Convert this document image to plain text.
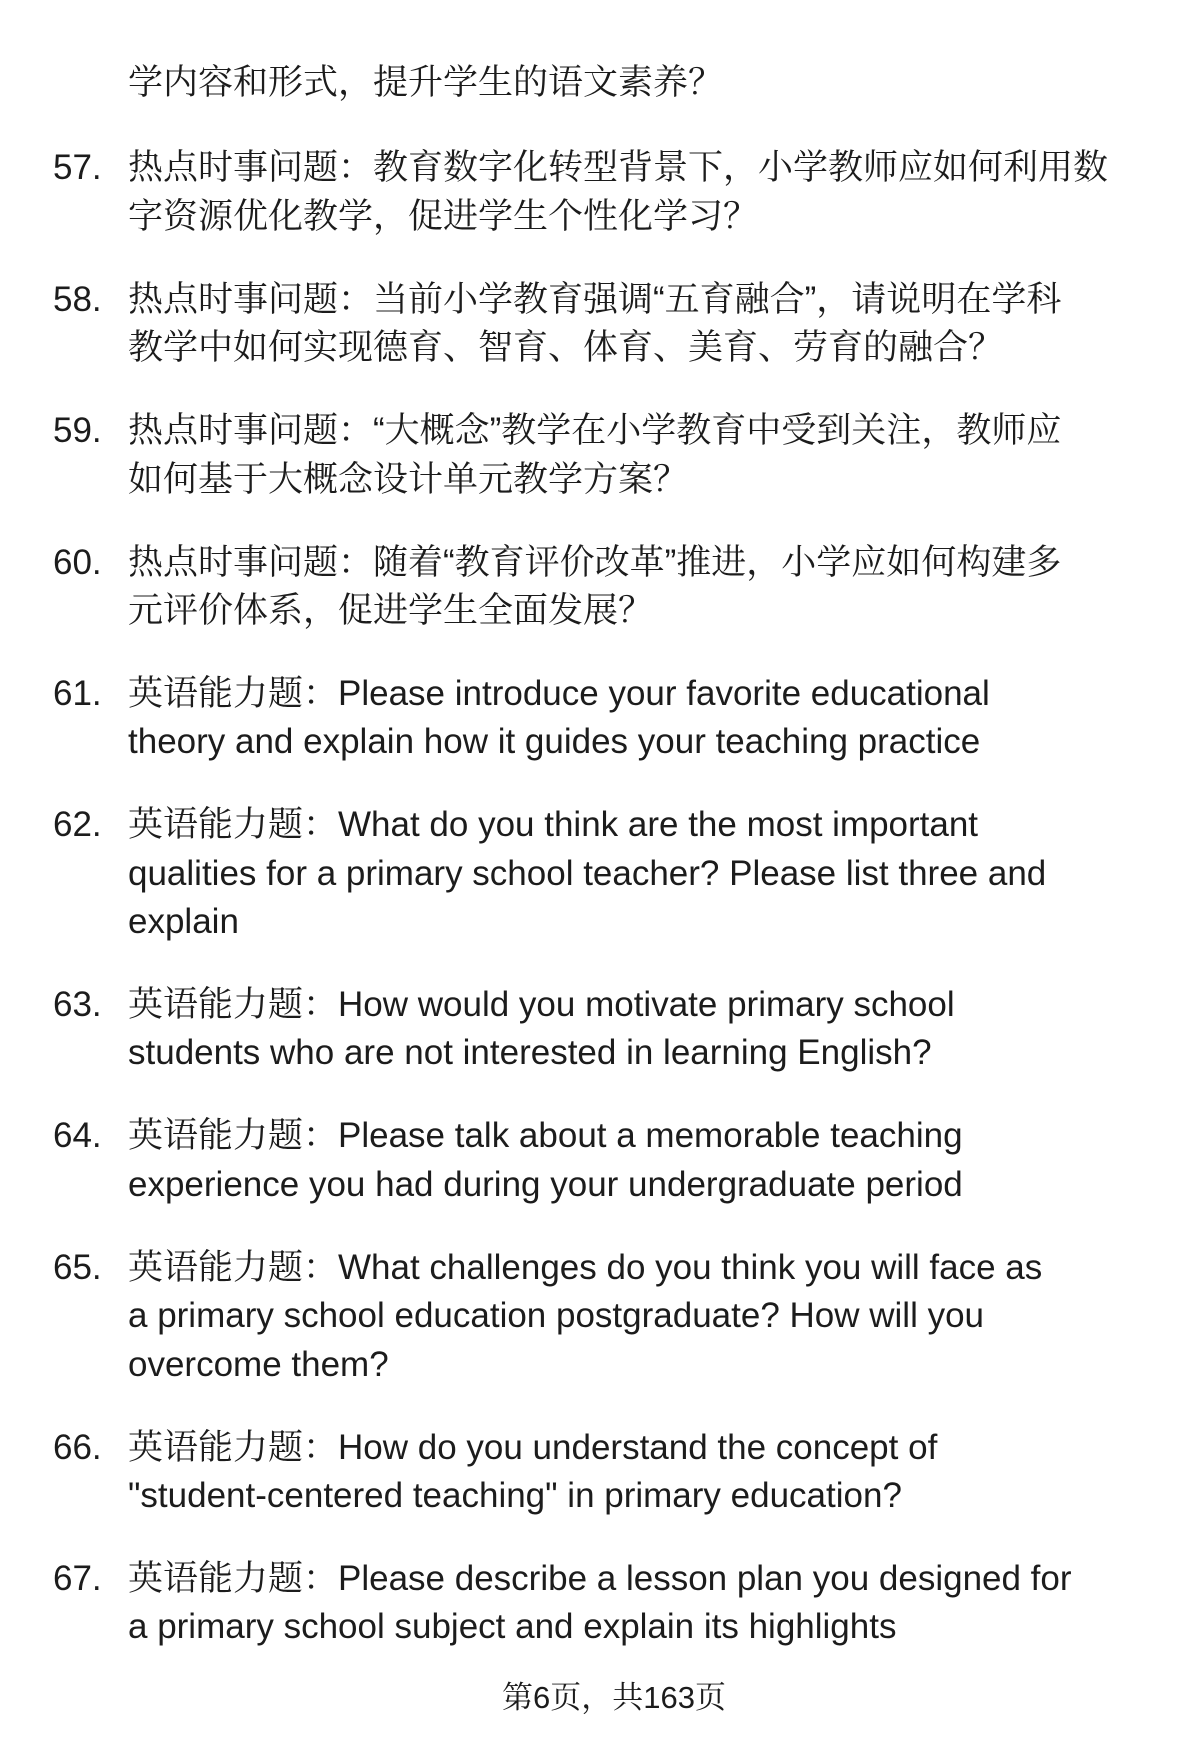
学内容和形式，提升学生的语文素养？
57. 热点时事问题：教育数字化转型背景下，小学教师应如何利用数
字资源优化教学，促进学生个性化学习？
58. 热点时事问题：当前小学教育强调“五育融合”，请说明在学科
教学中如何实现德育、智育、体育、美育、劳育的融合？
59. 热点时事问题：“大概念”教学在小学教育中受到关注，教师应
如何基于大概念设计单元教学方案？
60. 热点时事问题：随着“教育评价改革”推进，小学应如何构建多
元评价体系，促进学生全面发展？
61. 英语能力题：Please introduce your favorite educational
theory and explain how it guides your teaching practice
62. 英语能力题：What do you think are the most important
qualities for a primary school teacher? Please list three and
explain
63. 英语能力题：How would you motivate primary school
students who are not interested in learning English?
64. 英语能力题：Please talk about a memorable teaching
experience you had during your undergraduate period
65. 英语能力题：What challenges do you think you will face as
a primary school education postgraduate? How will you
overcome them?
66. 英语能力题：How do you understand the concept of
"student-centered teaching" in primary education?
67. 英语能力题：Please describe a lesson plan you designed for
a primary school subject and explain its highlights
第6页，共163页
